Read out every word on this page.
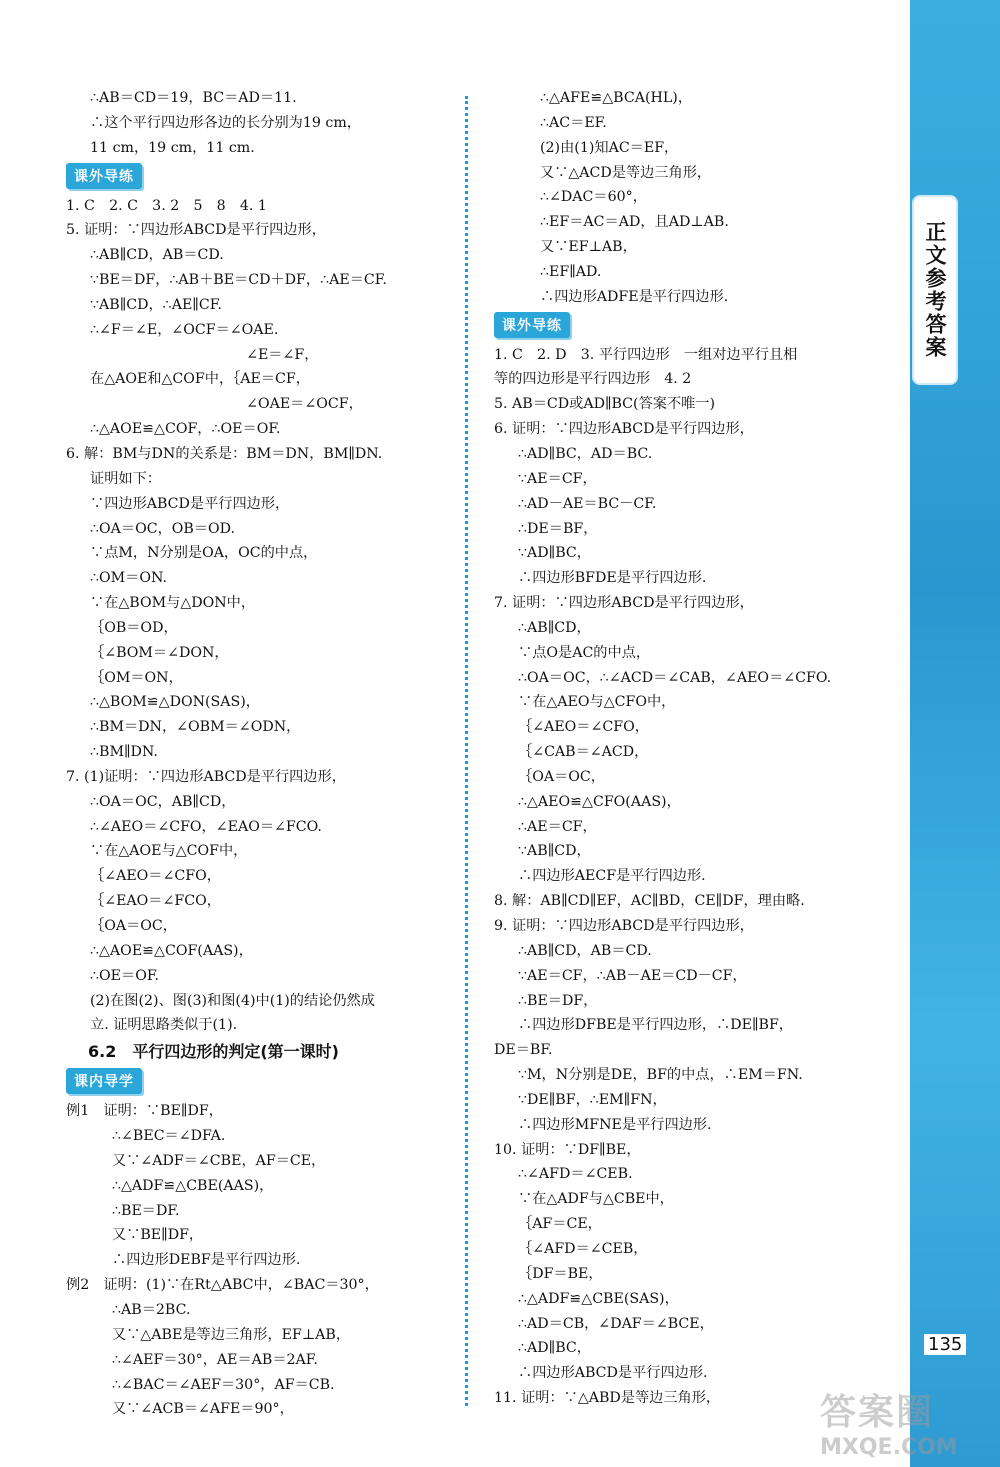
正文参考答案
∴AB＝CD＝19，BC＝AD＝11.
∴这个平行四边形各边的长分别为19 cm，
11 cm，19 cm，11 cm.
课外导练
1. C　2. C　3. 2　5　8　4. 1
5. 证明：∵四边形ABCD是平行四边形，
∴AB∥CD，AB＝CD.
∵BE＝DF，∴AB＋BE＝CD＋DF，∴AE＝CF.
∵AB∥CD，∴AE∥CF.
∴∠F＝∠E，∠OCF＝∠OAE.
　　　　　　　　　　　∠E＝∠F，
在△AOE和△COF中，｛AE＝CF，
　　　　　　　　　　　∠OAE＝∠OCF，
∴△AOE≌△COF，∴OE＝OF.
6. 解：BM与DN的关系是：BM＝DN，BM∥DN.
证明如下：
∵四边形ABCD是平行四边形，
∴OA＝OC，OB＝OD.
∵点M，N分别是OA，OC的中点，
∴OM＝ON.
∵在△BOM与△DON中，
｛OB＝OD，
｛∠BOM＝∠DON，
｛OM＝ON，
∴△BOM≌△DON(SAS)，
∴BM＝DN，∠OBM＝∠ODN，
∴BM∥DN.
7. (1)证明：∵四边形ABCD是平行四边形，
∴OA＝OC，AB∥CD，
∴∠AEO＝∠CFO，∠EAO＝∠FCO.
∵在△AOE与△COF中，
｛∠AEO＝∠CFO，
｛∠EAO＝∠FCO，
｛OA＝OC，
∴△AOE≌△COF(AAS)，
∴OE＝OF.
(2)在图(2)、图(3)和图(4)中(1)的结论仍然成
立. 证明思路类似于(1).
6.2　平行四边形的判定(第一课时)
课内导学
例1　证明：∵BE∥DF，
∴∠BEC＝∠DFA.
又∵∠ADF＝∠CBE，AF＝CE，
∴△ADF≌△CBE(AAS)，
∴BE＝DF.
又∵BE∥DF，
∴四边形DEBF是平行四边形.
例2　证明：(1)∵在Rt△ABC中，∠BAC＝30°，
∴AB＝2BC.
又∵△ABE是等边三角形，EF⊥AB，
∴∠AEF＝30°，AE＝AB＝2AF.
∴∠BAC＝∠AEF＝30°，AF＝CB.
又∵∠ACB＝∠AFE＝90°，
∴△AFE≌△BCA(HL)，
∴AC＝EF.
(2)由(1)知AC＝EF，
又∵△ACD是等边三角形，
∴∠DAC＝60°，
∴EF＝AC＝AD，且AD⊥AB.
又∵EF⊥AB，
∴EF∥AD.
∴四边形ADFE是平行四边形.
课外导练
1. C　2. D　3. 平行四边形　一组对边平行且相
等的四边形是平行四边形　4. 2
5. AB＝CD或AD∥BC(答案不唯一)
6. 证明：∵四边形ABCD是平行四边形，
∴AD∥BC，AD＝BC.
∵AE＝CF，
∴AD－AE＝BC－CF.
∴DE＝BF，
∵AD∥BC，
∴四边形BFDE是平行四边形.
7. 证明：∵四边形ABCD是平行四边形，
∴AB∥CD，
∵点O是AC的中点，
∴OA＝OC，∴∠ACD＝∠CAB，∠AEO＝∠CFO.
∵在△AEO与△CFO中，
｛∠AEO＝∠CFO，
｛∠CAB＝∠ACD，
｛OA＝OC，
∴△AEO≌△CFO(AAS)，
∴AE＝CF，
∵AB∥CD，
∴四边形AECF是平行四边形.
8. 解：AB∥CD∥EF，AC∥BD，CE∥DF，理由略.
9. 证明：∵四边形ABCD是平行四边形，
∴AB∥CD，AB＝CD.
∵AE＝CF，∴AB－AE＝CD－CF，
∴BE＝DF，
∴四边形DFBE是平行四边形，∴DE∥BF，
DE＝BF.
∵M，N分别是DE，BF的中点，∴EM＝FN.
∵DE∥BF，∴EM∥FN，
∴四边形MFNE是平行四边形.
10. 证明：∵DF∥BE，
∴∠AFD＝∠CEB.
∵在△ADF与△CBE中，
｛AF＝CE，
｛∠AFD＝∠CEB，
｛DF＝BE，
∴△ADF≌△CBE(SAS)，
∴AD＝CB，∠DAF＝∠BCE，
∴AD∥BC，
∴四边形ABCD是平行四边形.
11. 证明：∵△ABD是等边三角形，
135
答案圈
MXQE.COM
